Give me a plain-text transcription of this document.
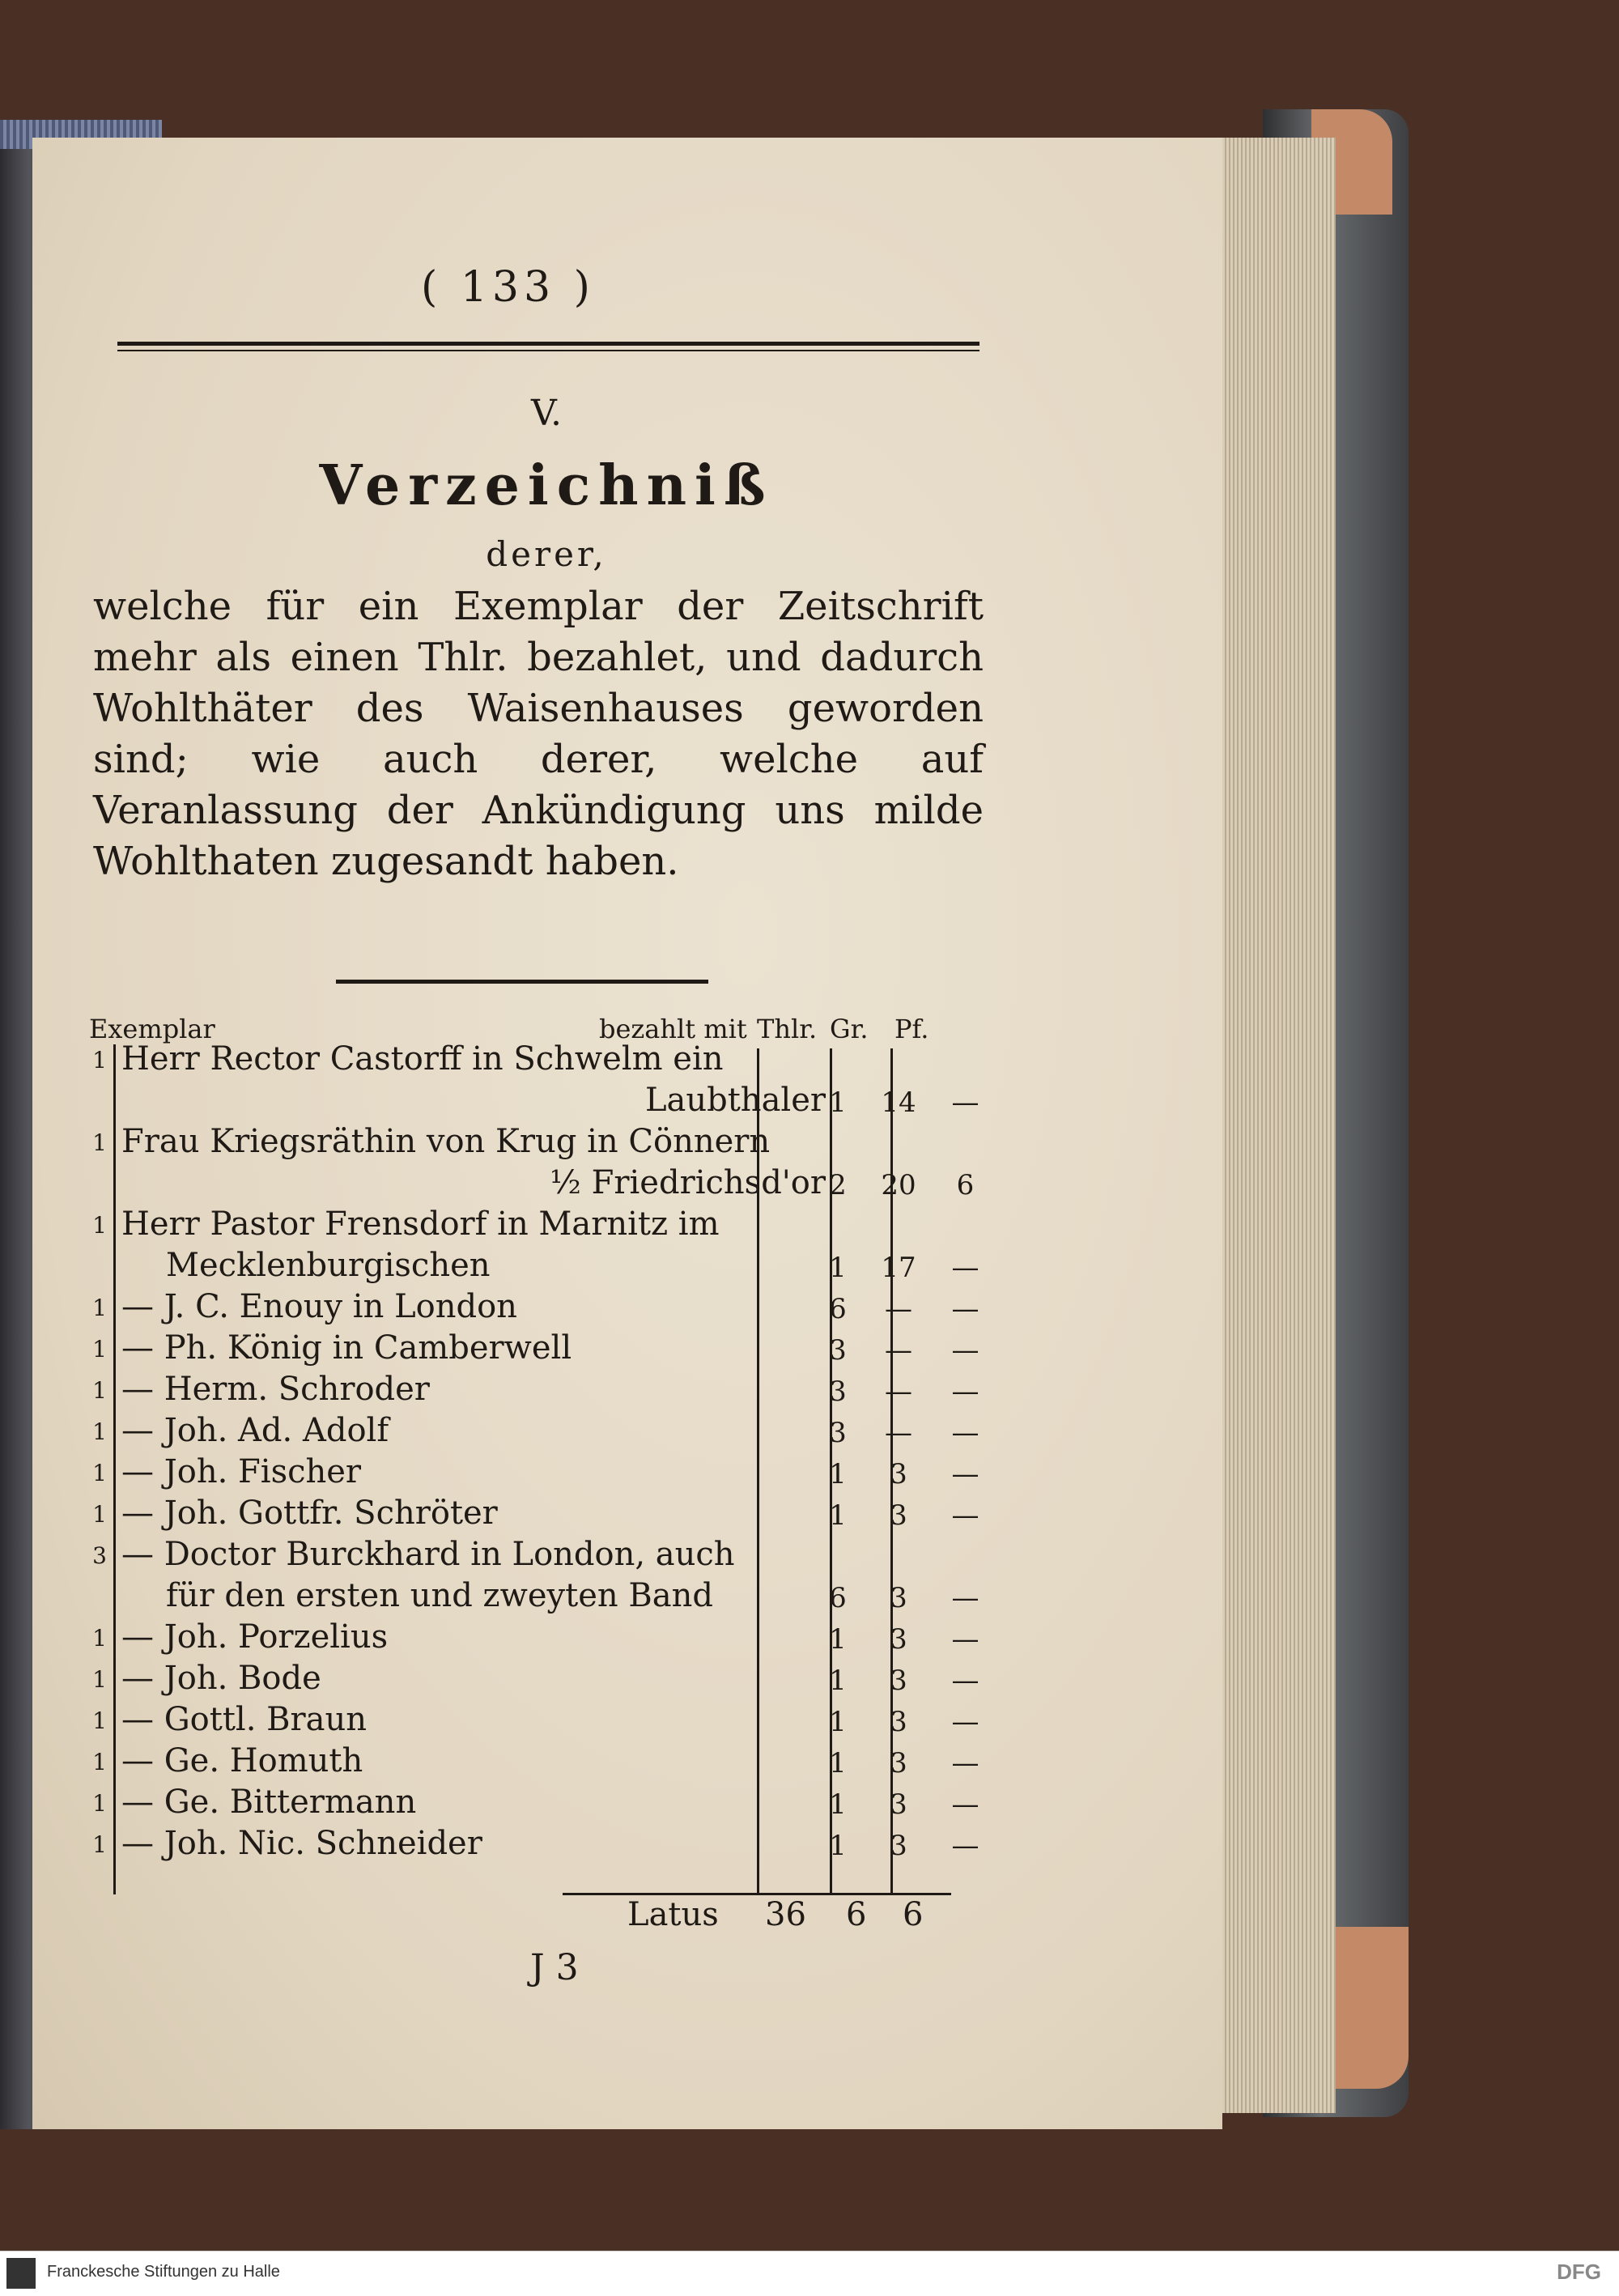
( 133 )
V.
Verzeichniß
derer,
welche für ein Exemplar der Zeitschrift mehr als einen Thlr. bezahlet, und dadurch Wohlthäter des Waisenhauses geworden sind; wie auch derer, welche auf Veranlassung der Ankündigung uns milde Wohlthaten zugesandt haben.
Exemplar	bezahlt mit Thlr. Gr. Pf.
1 Herr Rector Castorff in Schwelm ein
Laubthaler 1	14	—
1 Frau Kriegsräthin von Krug in Cönnern
½ Friedrichsd'or 2	20	6
1 Herr Pastor Frensdorf in Marnitz im
Mecklenburgischen	1	17	—
1 — J. C. Enouy in London	6	—	—
1 — Ph. König in Camberwell	3	—	—
1 — Herm. Schroder	3	—	—
1 — Joh. Ad. Adolf	3	—	—
1 — Joh. Fischer	1	3	—
1 — Joh. Gottfr. Schröter	1	3	—
3 — Doctor Burckhard in London, auch
für den ersten und zweyten Band	6	3	—
1 — Joh. Porzelius	1	3	—
1 — Joh. Bode	1	3	—
1 — Gottl. Braun	1	3	—
1 — Ge. Homuth	1	3	—
1 — Ge. Bittermann	1	3	—
1 — Joh. Nic. Schneider	1	3	—
Latus 36 6 6
J 3
Franckesche Stiftungen zu Halle	DFG
